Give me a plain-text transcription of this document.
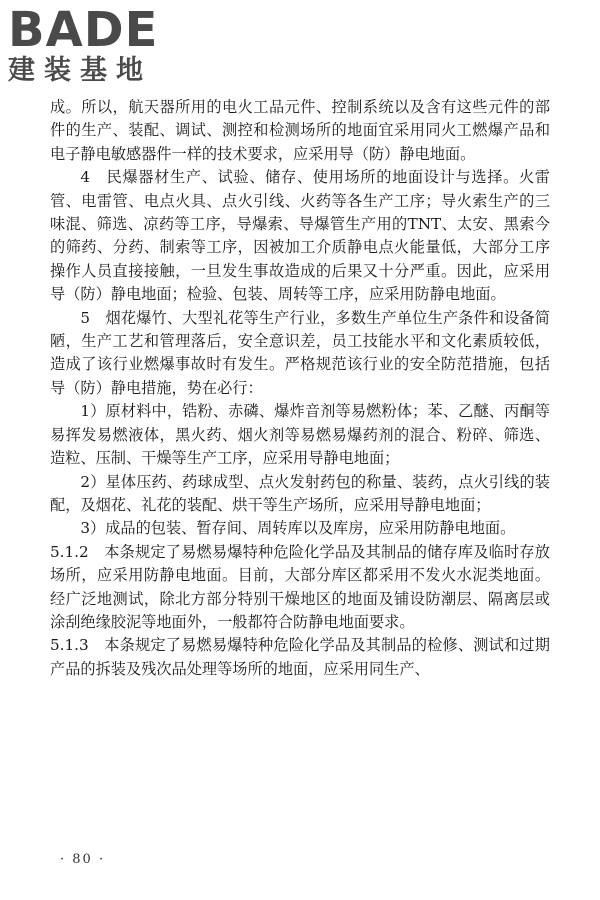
BADE
建装基地

成。所以，航天器所用的电火工品元件、控制系统以及含有这些元件的部件的生产、装配、调试、测控和检测场所的地面宜采用同火工燃爆产品和电子静电敏感器件一样的技术要求，应采用导（防）静电地面。

4　民爆器材生产、试验、储存、使用场所的地面设计与选择。火雷管、电雷管、电点火具、点火引线、火药等各生产工序；导火索生产的三味混、筛选、凉药等工序，导爆索、导爆管生产用的TNT、太安、黑索今的筛药、分药、制索等工序，因被加工介质静电点火能量低，大部分工序操作人员直接接触，一旦发生事故造成的后果又十分严重。因此，应采用导（防）静电地面；检验、包装、周转等工序，应采用防静电地面。

5　烟花爆竹、大型礼花等生产行业，多数生产单位生产条件和设备简陋，生产工艺和管理落后，安全意识差，员工技能水平和文化素质较低，造成了该行业燃爆事故时有发生。严格规范该行业的安全防范措施，包括导（防）静电措施，势在必行：

1）原材料中，锆粉、赤磷、爆炸音剂等易燃粉体；苯、乙醚、丙酮等易挥发易燃液体，黑火药、烟火剂等易燃易爆药剂的混合、粉碎、筛选、造粒、压制、干燥等生产工序，应采用导静电地面；

2）星体压药、药球成型、点火发射药包的称量、装药，点火引线的装配，及烟花、礼花的装配、烘干等生产场所，应采用导静电地面；

3）成品的包装、暂存间、周转库以及库房，应采用防静电地面。

5.1.2　本条规定了易燃易爆特种危险化学品及其制品的储存库及临时存放场所，应采用防静电地面。目前，大部分库区都采用不发火水泥类地面。经广泛地测试，除北方部分特别干燥地区的地面及铺设防潮层、隔离层或涂刮绝缘胶泥等地面外，一般都符合防静电地面要求。

5.1.3　本条规定了易燃易爆特种危险化学品及其制品的检修、测试和过期产品的拆装及残次品处理等场所的地面，应采用同生产、

· 80 ·
